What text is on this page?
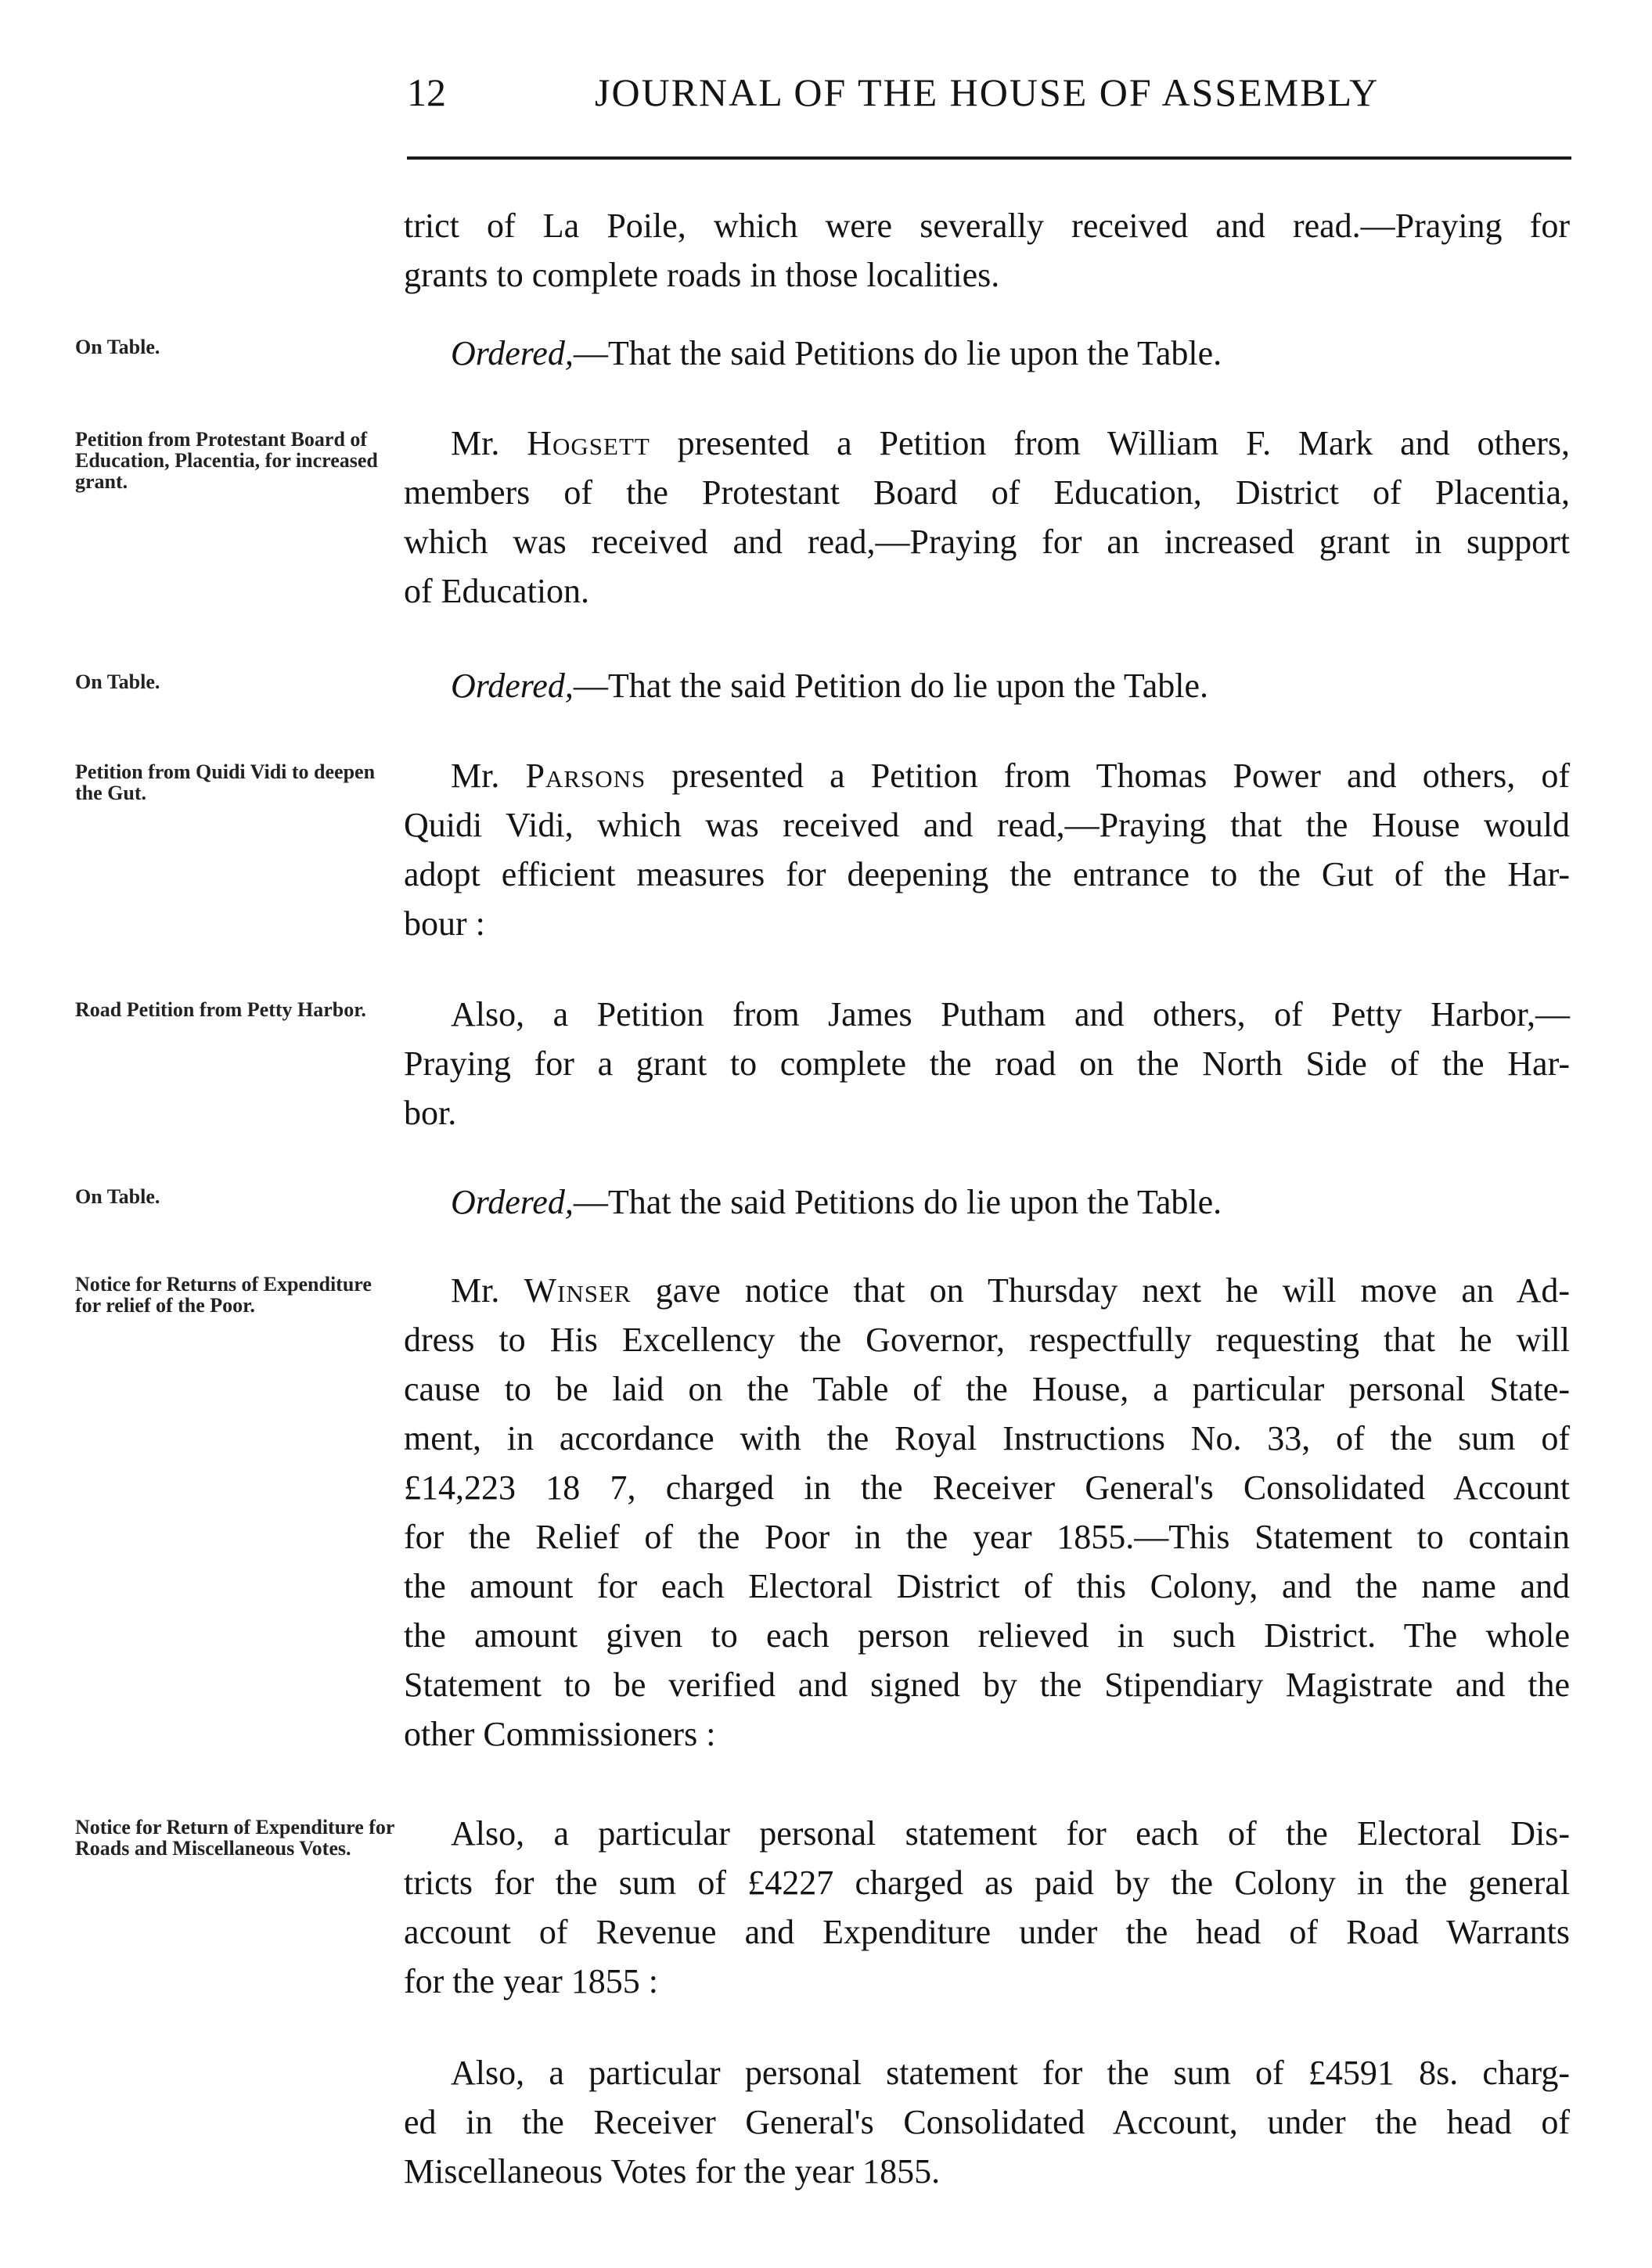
12	JOURNAL OF THE HOUSE OF ASSEMBLY
On Table.
Petition from Protestant Board of Education, Placentia, for increased grant.
On Table.
Petition from Quidi Vidi to deepen the Gut.
Road Petition from Petty Harbor.
On Table.
Notice for Returns of Expenditure for relief of the Poor.
Notice for Return of Expenditure for Roads and Miscellaneous Votes.
trict of La Poile, which were severally received and read.—Praying for
grants to complete roads in those localities.
Ordered,—That the said Petitions do lie upon the Table.
Mr. Hogsett presented a Petition from William F. Mark and others,
members of the Protestant Board of Education, District of Placentia,
which was received and read,—Praying for an increased grant in support
of Education.
Ordered,—That the said Petition do lie upon the Table.
Mr. Parsons presented a Petition from Thomas Power and others, of
Quidi Vidi, which was received and read,—Praying that the House would
adopt efficient measures for deepening the entrance to the Gut of the Har-
bour :
Also, a Petition from James Putham and others, of Petty Harbor,—
Praying for a grant to complete the road on the North Side of the Har-
bor.
Ordered,—That the said Petitions do lie upon the Table.
Mr. Winser gave notice that on Thursday next he will move an Ad-
dress to His Excellency the Governor, respectfully requesting that he will
cause to be laid on the Table of the House, a particular personal State-
ment, in accordance with the Royal Instructions No. 33, of the sum of
£14,223 18 7, charged in the Receiver General's Consolidated Account
for the Relief of the Poor in the year 1855.—This Statement to contain
the amount for each Electoral District of this Colony, and the name and
the amount given to each person relieved in such District. The whole
Statement to be verified and signed by the Stipendiary Magistrate and the
other Commissioners :
Also, a particular personal statement for each of the Electoral Dis-
tricts for the sum of £4227 charged as paid by the Colony in the general
account of Revenue and Expenditure under the head of Road Warrants
for the year 1855 :
Also, a particular personal statement for the sum of £4591 8s. charg-
ed in the Receiver General's Consolidated Account, under the head of
Miscellaneous Votes for the year 1855.
